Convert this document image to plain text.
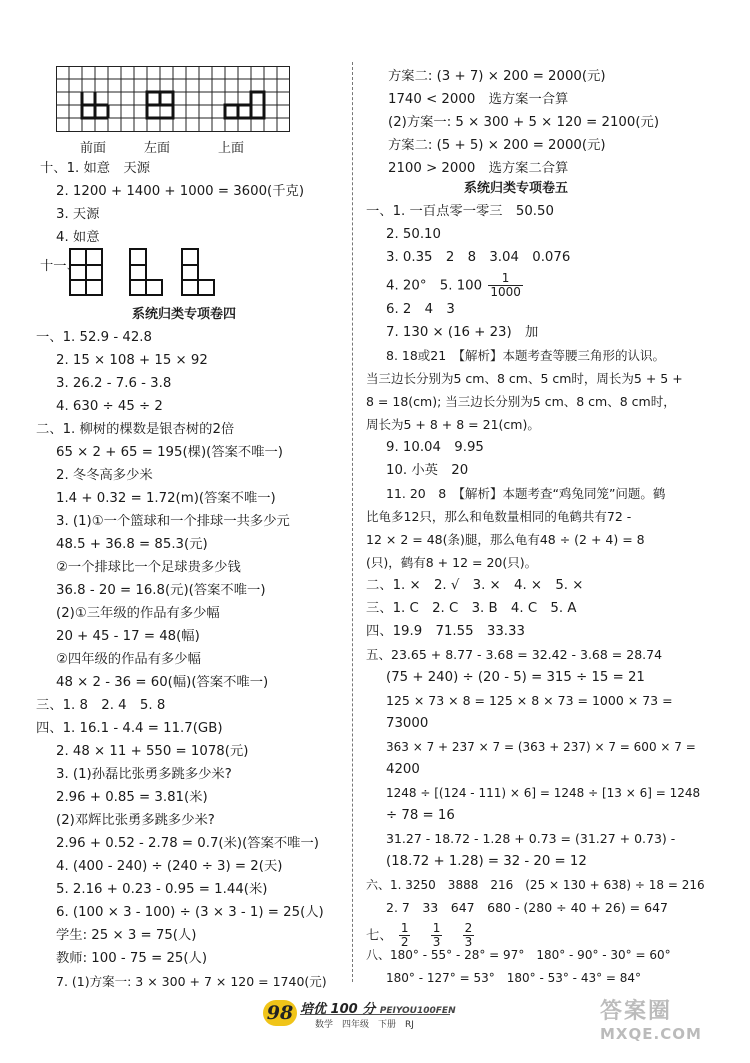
前面	左面	上面
十、1. 如意　天源
2. 1200 + 1400 + 1000 = 3600(千克)
3. 天源
4. 如意
十一、
系统归类专项卷四
一、1. 52.9 - 42.8
2. 15 × 108 + 15 × 92
3. 26.2 - 7.6 - 3.8
4. 630 ÷ 45 ÷ 2
二、1. 柳树的棵数是银杏树的2倍
65 × 2 + 65 = 195(棵)(答案不唯一)
2. 冬冬高多少米
1.4 + 0.32 = 1.72(m)(答案不唯一)
3. (1)①一个篮球和一个排球一共多少元
48.5 + 36.8 = 85.3(元)
②一个排球比一个足球贵多少钱
36.8 - 20 = 16.8(元)(答案不唯一)
(2)①三年级的作品有多少幅
20 + 45 - 17 = 48(幅)
②四年级的作品有多少幅
48 × 2 - 36 = 60(幅)(答案不唯一)
三、1. 8　2. 4　5. 8
四、1. 16.1 - 4.4 = 11.7(GB)
2. 48 × 11 + 550 = 1078(元)
3. (1)孙磊比张勇多跳多少米?
2.96 + 0.85 = 3.81(米)
(2)邓辉比张勇多跳多少米?
2.96 + 0.52 - 2.78 = 0.7(米)(答案不唯一)
4. (400 - 240) ÷ (240 ÷ 3) = 2(天)
5. 2.16 + 0.23 - 0.95 = 1.44(米)
6. (100 × 3 - 100) ÷ (3 × 3 - 1) = 25(人)
学生: 25 × 3 = 75(人)
教师: 100 - 75 = 25(人)
7. (1)方案一: 3 × 300 + 7 × 120 = 1740(元)
方案二: (3 + 7) × 200 = 2000(元)
1740 < 2000　选方案一合算
(2)方案一: 5 × 300 + 5 × 120 = 2100(元)
方案二: (5 + 5) × 200 = 2000(元)
2100 > 2000　选方案二合算
系统归类专项卷五
一、1. 一百点零一零三　50.50
2. 50.10
3. 0.35　2　8　3.04　0.076
4. 20°　5. $100 \frac{1}{1000}$
6. 2　4　3
7. 130 × (16 + 23)　加
8. 18或21　【解析】本题考查等腰三角形的认识。
当三边长分别为5 cm、8 cm、5 cm时，周长为5 + 5 +
8 = 18(cm); 当三边长分别为5 cm、8 cm、8 cm时，
周长为5 + 8 + 8 = 21(cm)。
9. 10.04　9.95
10. 小英　20
11. 20　8　【解析】本题考查“鸡兔同笼”问题。鹤
比龟多12只，那么和龟数量相同的龟鹤共有72 -
12 × 2 = 48(条)腿，那么龟有48 ÷ (2 + 4) = 8
(只)，鹤有8 + 12 = 20(只)。
二、1. ×　2. √　3. ×　4. ×　5. ×
三、1. C　2. C　3. B　4. C　5. A
四、19.9　71.55　33.33
五、23.65 + 8.77 - 3.68 = 32.42 - 3.68 = 28.74
(75 + 240) ÷ (20 - 5) = 315 ÷ 15 = 21
125 × 73 × 8 = 125 × 8 × 73 = 1000 × 73 =
73000
363 × 7 + 237 × 7 = (363 + 237) × 7 = 600 × 7 =
4200
1248 ÷ [(124 - 111) × 6] = 1248 ÷ [13 × 6] = 1248
÷ 78 = 16
31.27 - 18.72 - 1.28 + 0.73 = (31.27 + 0.73) -
(18.72 + 1.28) = 32 - 20 = 12
六、1. 3250　3888　216　(25 × 130 + 638) ÷ 18 = 216
2. 7　33　647　680 - (280 ÷ 40 + 26) = 647
七、 $\frac{1}{2}$
$\frac{1}{3}$
$\frac{2}{3}$
八、180° - 55° - 28° = 97°　180° - 90° - 30° = 60°
180° - 127° = 53°　180° - 53° - 43° = 84°
98 培优 100 分 PEIYOU100FEN
数学　四年级　下册　RJ
答案圈
MXQE.COM
